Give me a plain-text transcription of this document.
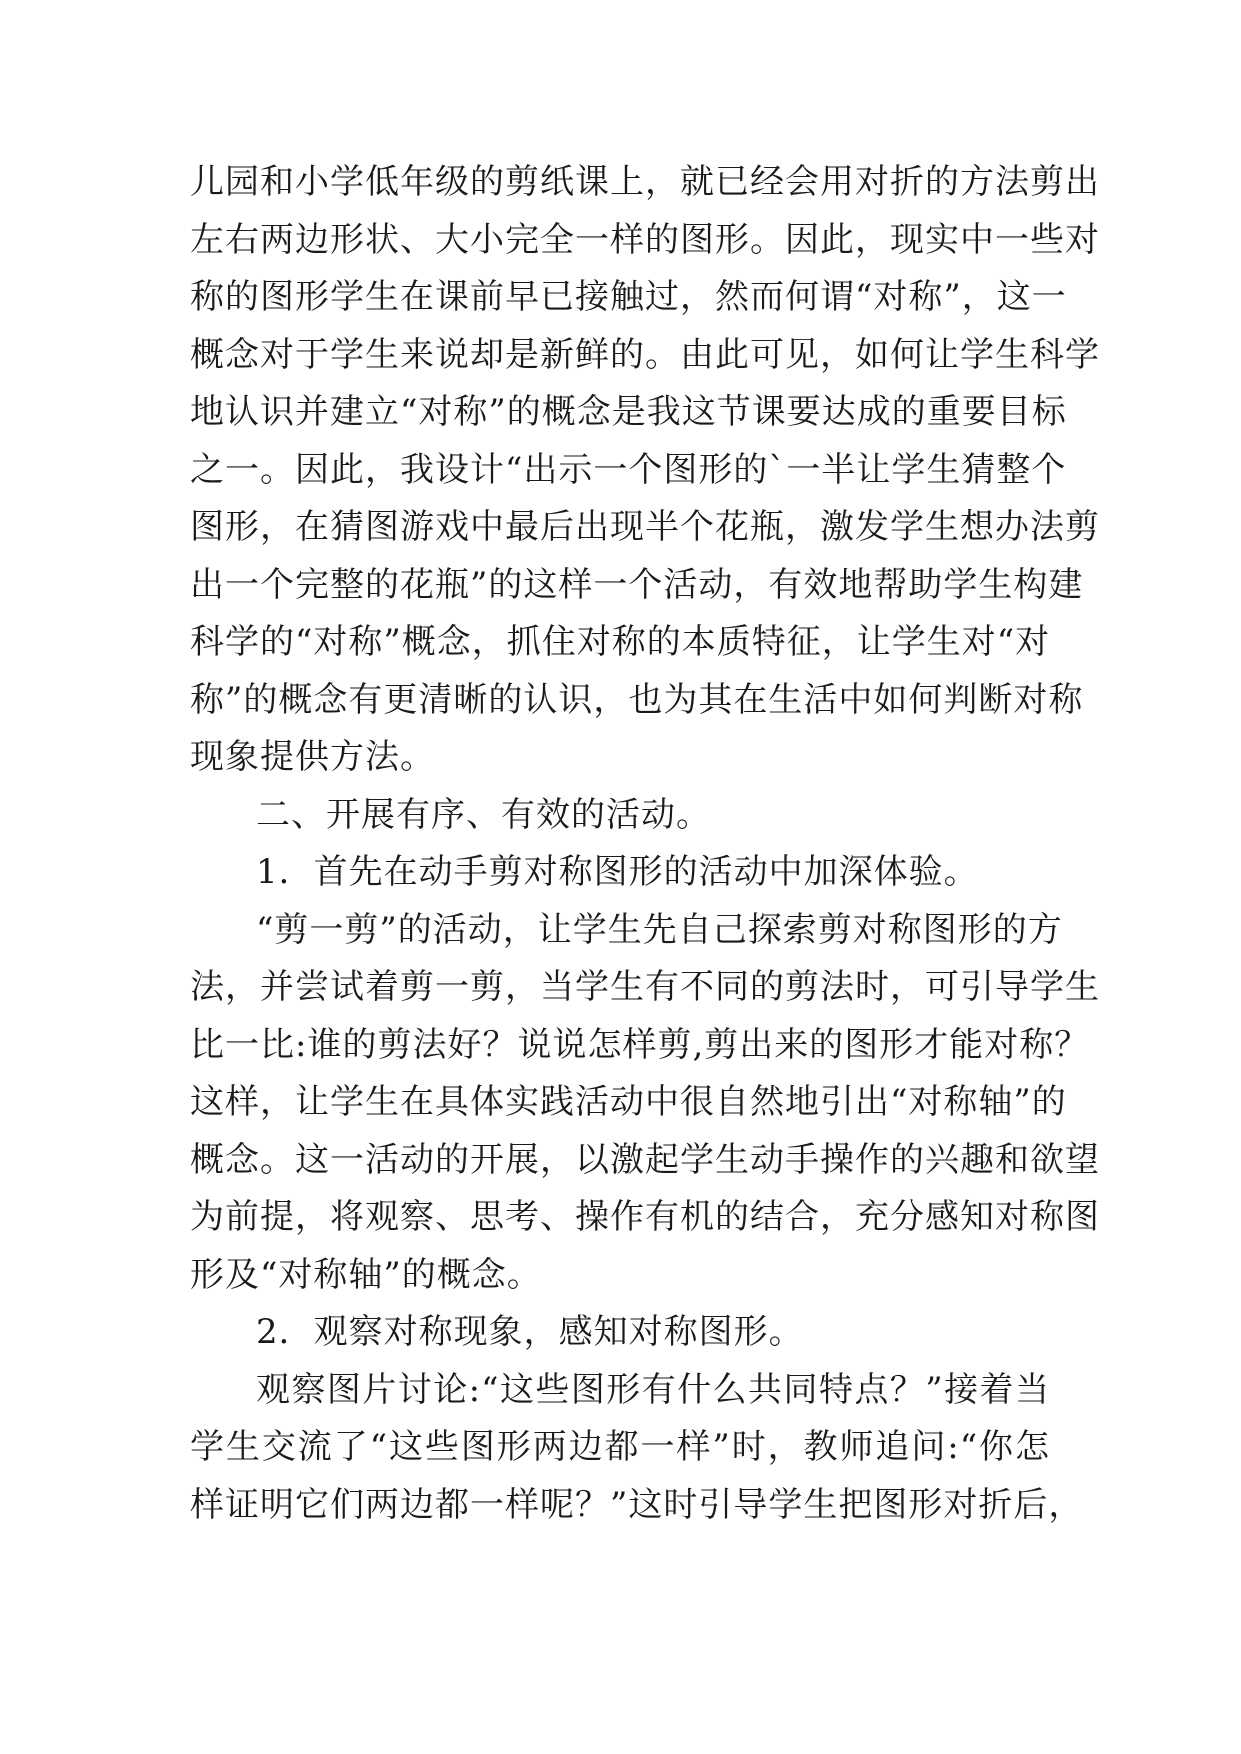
儿园和小学低年级的剪纸课上，就已经会用对折的方法剪出
左右两边形状、大小完全一样的图形。因此，现实中一些对
称的图形学生在课前早已接触过，然而何谓“对称”，这一
概念对于学生来说却是新鲜的。由此可见，如何让学生科学
地认识并建立“对称”的概念是我这节课要达成的重要目标
之一。因此，我设计“出示一个图形的`一半让学生猜整个
图形，在猜图游戏中最后出现半个花瓶，激发学生想办法剪
出一个完整的花瓶”的这样一个活动，有效地帮助学生构建
科学的“对称”概念，抓住对称的本质特征，让学生对“对
称”的概念有更清晰的认识，也为其在生活中如何判断对称
现象提供方法。
二、开展有序、有效的活动。
1．首先在动手剪对称图形的活动中加深体验。
“剪一剪”的活动，让学生先自己探索剪对称图形的方
法，并尝试着剪一剪，当学生有不同的剪法时，可引导学生
比一比:谁的剪法好？说说怎样剪,剪出来的图形才能对称？
这样，让学生在具体实践活动中很自然地引出“对称轴”的
概念。这一活动的开展，以激起学生动手操作的兴趣和欲望
为前提，将观察、思考、操作有机的结合，充分感知对称图
形及“对称轴”的概念。
2．观察对称现象，感知对称图形。
观察图片讨论:“这些图形有什么共同特点？”接着当
学生交流了“这些图形两边都一样”时，教师追问:“你怎
样证明它们两边都一样呢？”这时引导学生把图形对折后，
